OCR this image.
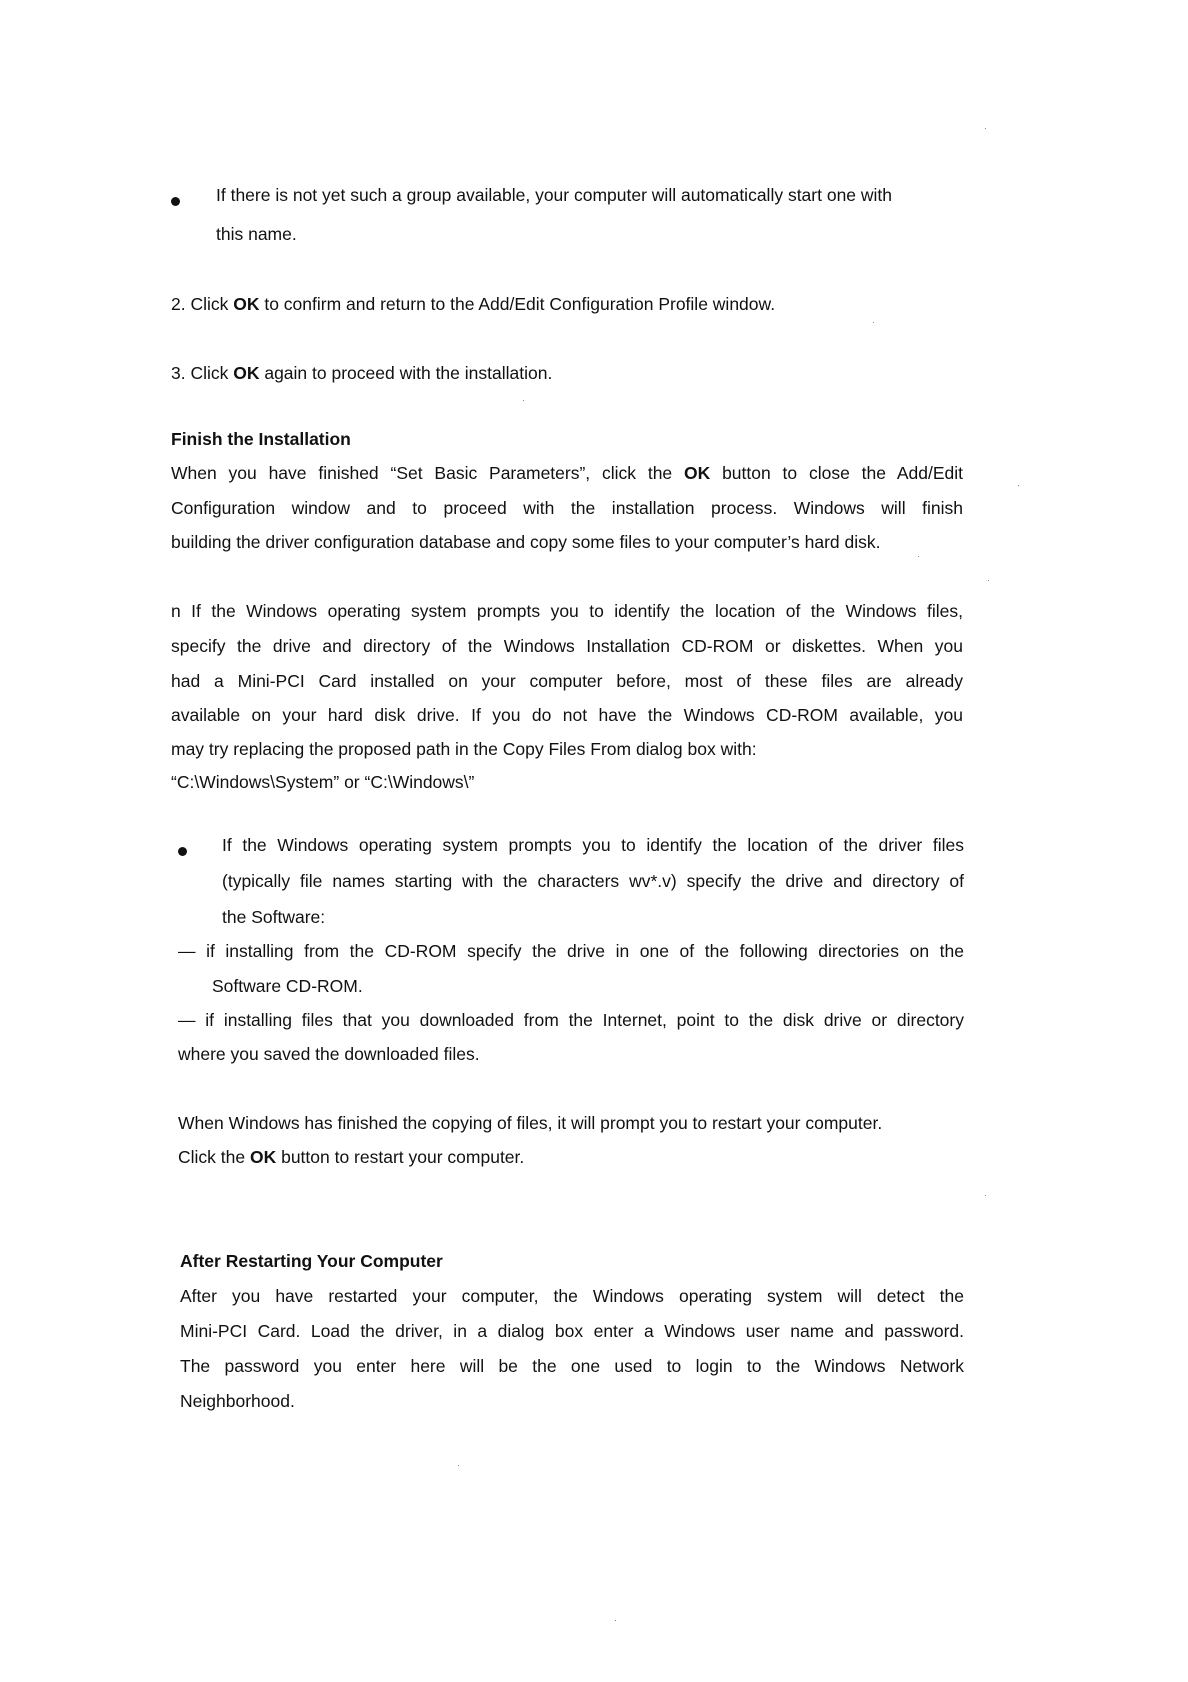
If there is not yet such a group available, your computer will automatically start one with
this name.
2. Click OK to confirm and return to the Add/Edit Configuration Profile window.
3. Click OK again to proceed with the installation.
Finish the Installation
When you have finished “Set Basic Parameters”, click the OK button to close the Add/Edit
Configuration window and to proceed with the installation process. Windows will finish
building the driver configuration database and copy some files to your computer’s hard disk.
n If the Windows operating system prompts you to identify the location of the Windows files,
specify the drive and directory of the Windows Installation CD-ROM or diskettes. When you
had a Mini-PCI Card installed on your computer before, most of these files are already
available on your hard disk drive. If you do not have the Windows CD-ROM available, you
may try replacing the proposed path in the Copy Files From dialog box with:
“C:\Windows\System” or “C:\Windows\”
If the Windows operating system prompts you to identify the location of the driver files
(typically file names starting with the characters wv*.v) specify the drive and directory of
the Software:
— if installing from the CD-ROM specify the drive in one of the following directories on the
Software CD-ROM.
— if installing files that you downloaded from the Internet, point to the disk drive or directory
where you saved the downloaded files.
When Windows has finished the copying of files, it will prompt you to restart your computer.
Click the OK button to restart your computer.
After Restarting Your Computer
After you have restarted your computer, the Windows operating system will detect the
Mini-PCI Card. Load the driver, in a dialog box enter a Windows user name and password.
The password you enter here will be the one used to login to the Windows Network
Neighborhood.
